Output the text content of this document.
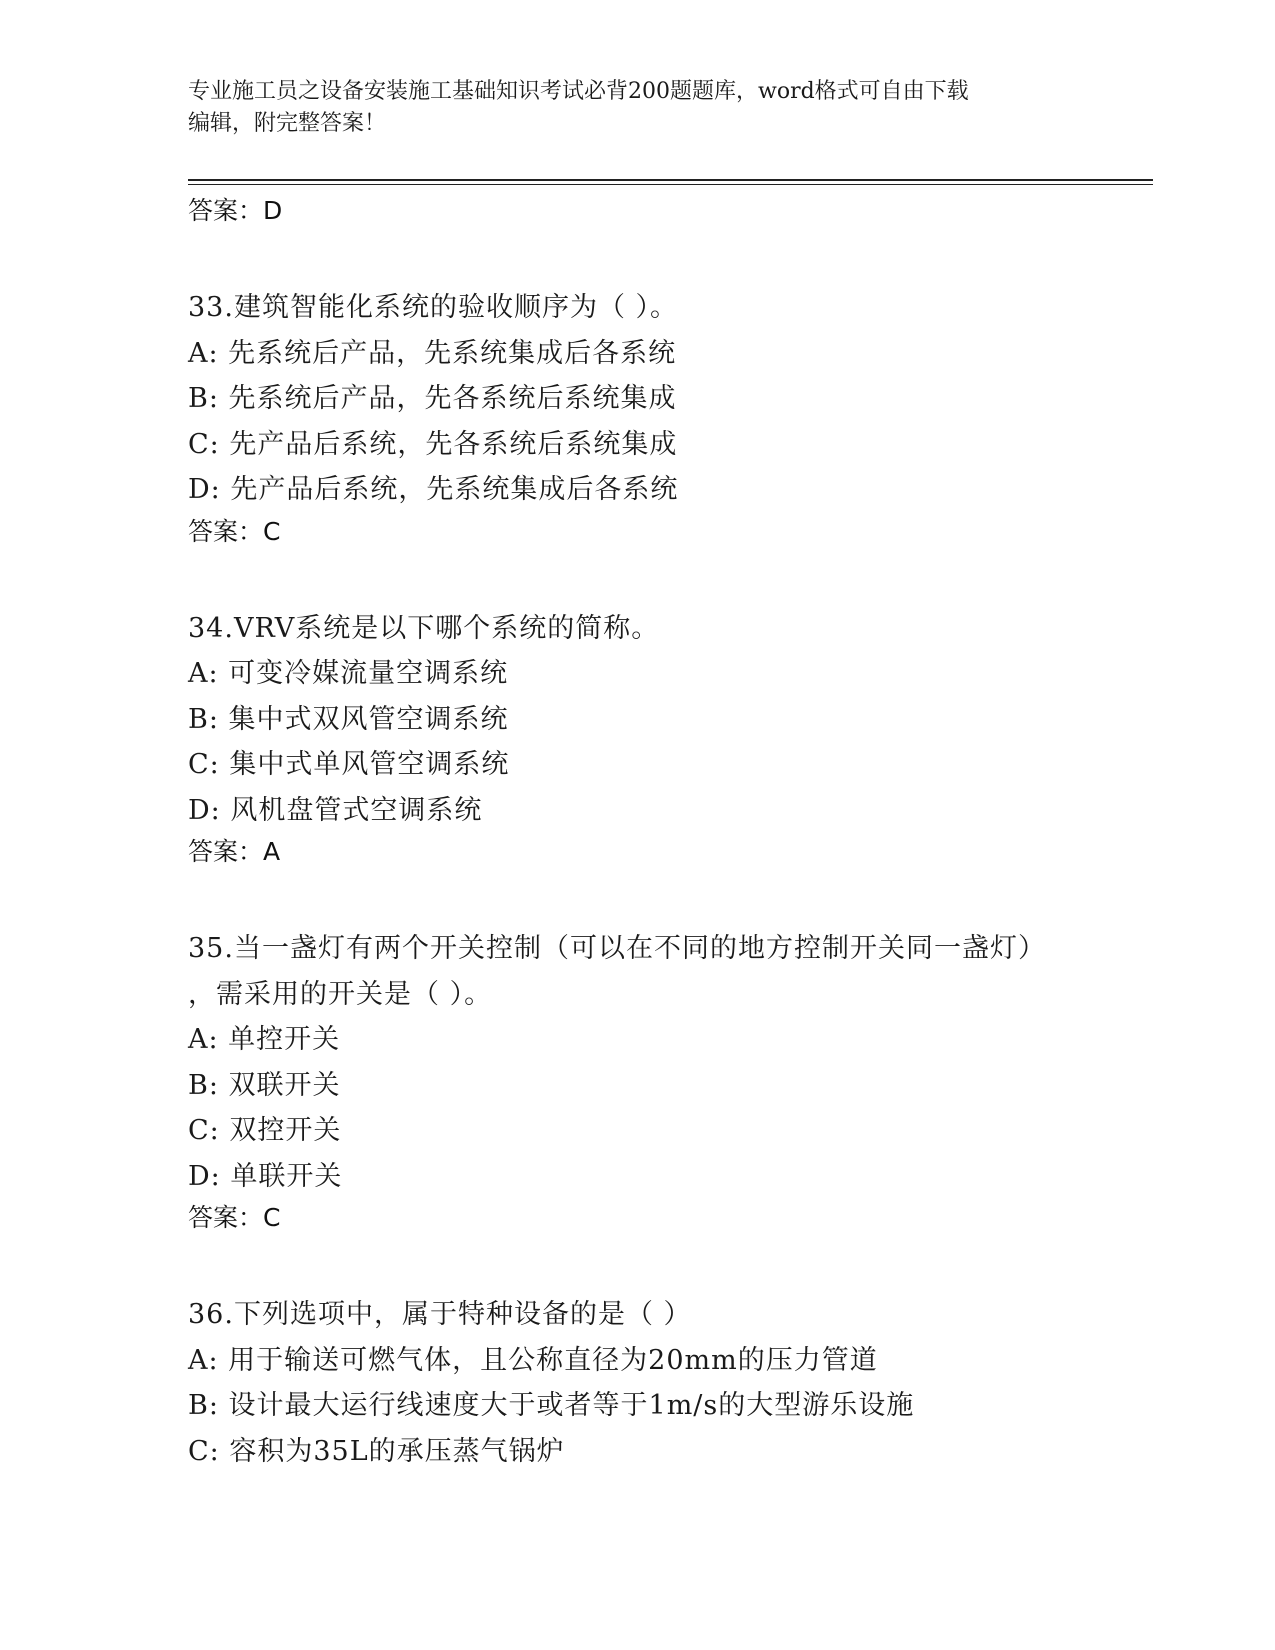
专业施工员之设备安装施工基础知识考试必背200题题库，word格式可自由下载
编辑，附完整答案！

答案：D

33.建筑智能化系统的验收顺序为（ ）。

A: 先系统后产品，先系统集成后各系统

B: 先系统后产品，先各系统后系统集成

C: 先产品后系统，先各系统后系统集成

D: 先产品后系统，先系统集成后各系统

答案：C

34.VRV系统是以下哪个系统的简称。

A: 可变冷媒流量空调系统

B: 集中式双风管空调系统

C: 集中式单风管空调系统

D: 风机盘管式空调系统

答案：A

35.当一盏灯有两个开关控制（可以在不同的地方控制开关同一盏灯）

，需采用的开关是（ ）。

A: 单控开关

B: 双联开关

C: 双控开关

D: 单联开关

答案：C

36.下列选项中，属于特种设备的是（ ）

A: 用于输送可燃气体，且公称直径为20mm的压力管道

B: 设计最大运行线速度大于或者等于1m/s的大型游乐设施

C: 容积为35L的承压蒸气锅炉
